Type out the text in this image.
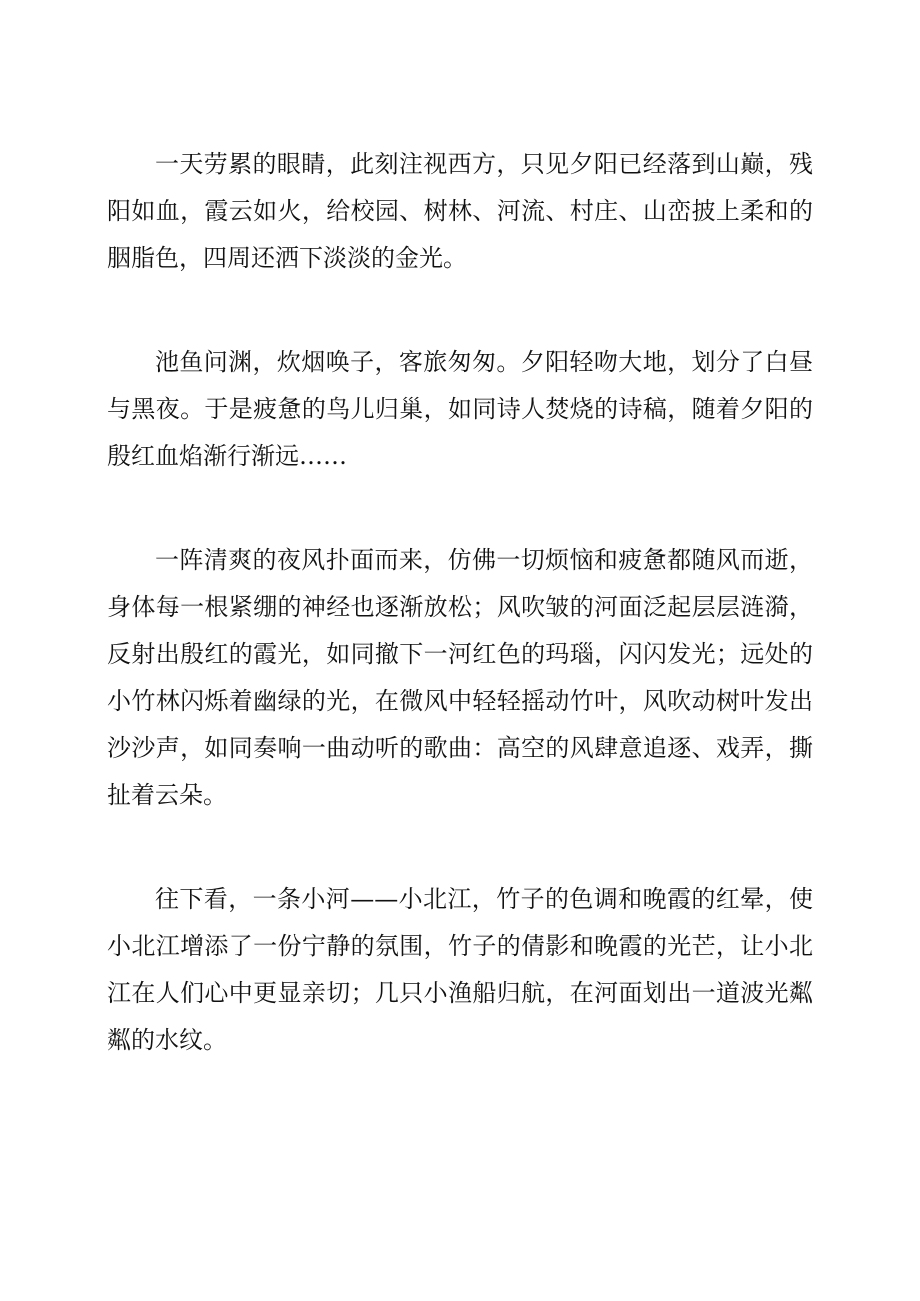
一天劳累的眼睛，此刻注视西方，只见夕阳已经落到山巅，残阳如血，霞云如火，给校园、树林、河流、村庄、山峦披上柔和的胭脂色，四周还洒下淡淡的金光。

池鱼问渊，炊烟唤子，客旅匆匆。夕阳轻吻大地，划分了白昼与黑夜。于是疲惫的鸟儿归巢，如同诗人焚烧的诗稿，随着夕阳的殷红血焰渐行渐远……

一阵清爽的夜风扑面而来，仿佛一切烦恼和疲惫都随风而逝，身体每一根紧绷的神经也逐渐放松；风吹皱的河面泛起层层涟漪，反射出殷红的霞光，如同撤下一河红色的玛瑙，闪闪发光；远处的小竹林闪烁着幽绿的光，在微风中轻轻摇动竹叶，风吹动树叶发出沙沙声，如同奏响一曲动听的歌曲：高空的风肆意追逐、戏弄，撕扯着云朵。

往下看，一条小河——小北江，竹子的色调和晚霞的红晕，使小北江增添了一份宁静的氛围，竹子的倩影和晚霞的光芒，让小北江在人们心中更显亲切；几只小渔船归航，在河面划出一道波光粼粼的水纹。
